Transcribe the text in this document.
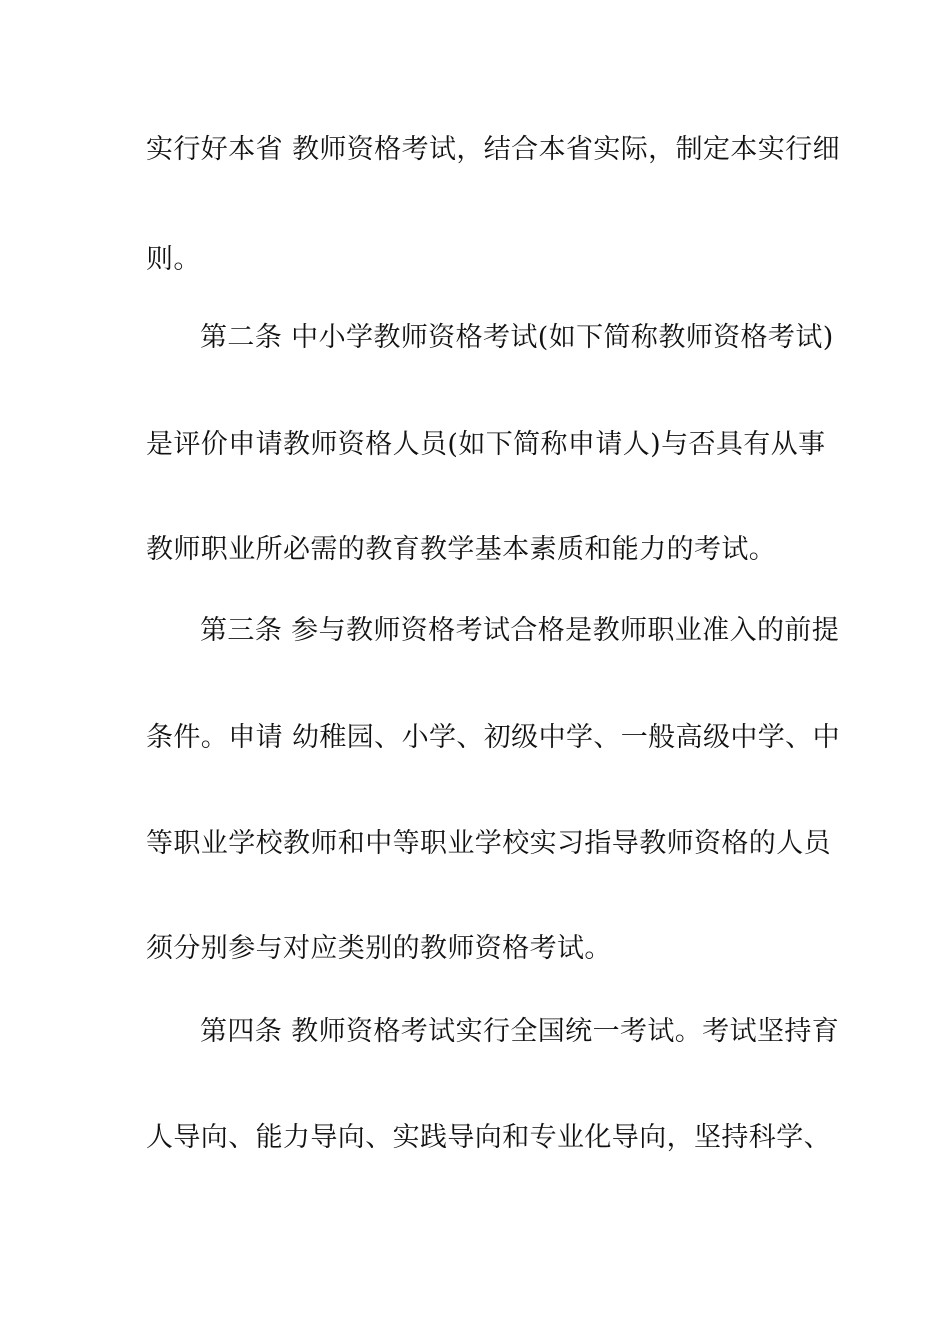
实行好本省 教师资格考试，结合本省实际，制定本实行细
则。
第二条 中小学教师资格考试(如下简称教师资格考试)
是评价申请教师资格人员(如下简称申请人)与否具有从事
教师职业所必需的教育教学基本素质和能力的考试。
第三条 参与教师资格考试合格是教师职业准入的前提
条件。申请 幼稚园、小学、初级中学、一般高级中学、中
等职业学校教师和中等职业学校实习指导教师资格的人员
须分别参与对应类别的教师资格考试。
第四条 教师资格考试实行全国统一考试。考试坚持育
人导向、能力导向、实践导向和专业化导向，坚持科学、
